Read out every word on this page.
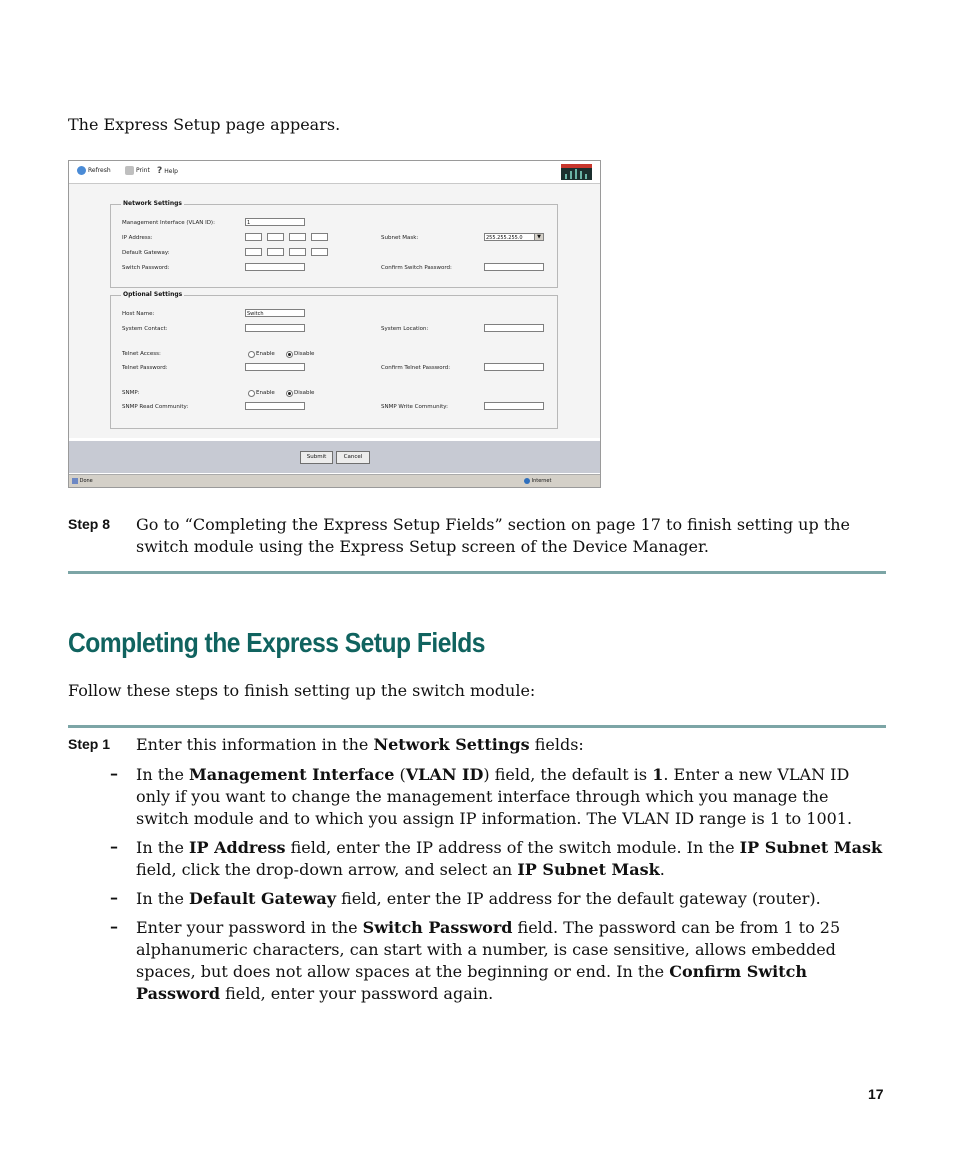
The Express Setup page appears.
Refresh	Print ? Help
Network Settings
Management Interface (VLAN ID):	1
IP Address:	Subnet Mask:	255.255.255.0	▼
Default Gateway:
Switch Password:	Confirm Switch Password:
Optional Settings
Host Name:	Switch
System Contact:	System Location:
Telnet Access:	Enable	Disable
Telnet Password:	Confirm Telnet Password:
SNMP:	Enable	Disable
SNMP Read Community:	SNMP Write Community:
Submit	Cancel
Done	Internet
Step 8 Go to “Completing the Express Setup Fields” section on page 17 to finish setting up the switch module using the Express Setup screen of the Device Manager.
Completing the Express Setup Fields
Follow these steps to finish setting up the switch module:
Step 1 Enter this information in the Network Settings fields:
– In the Management Interface (VLAN ID) field, the default is 1. Enter a new VLAN ID only if you want to change the management interface through which you manage the switch module and to which you assign IP information. The VLAN ID range is 1 to 1001.
– In the IP Address field, enter the IP address of the switch module. In the IP Subnet Mask field, click the drop-down arrow, and select an IP Subnet Mask.
– In the Default Gateway field, enter the IP address for the default gateway (router).
– Enter your password in the Switch Password field. The password can be from 1 to 25 alphanumeric characters, can start with a number, is case sensitive, allows embedded spaces, but does not allow spaces at the beginning or end. In the Confirm Switch Password field, enter your password again.
17
